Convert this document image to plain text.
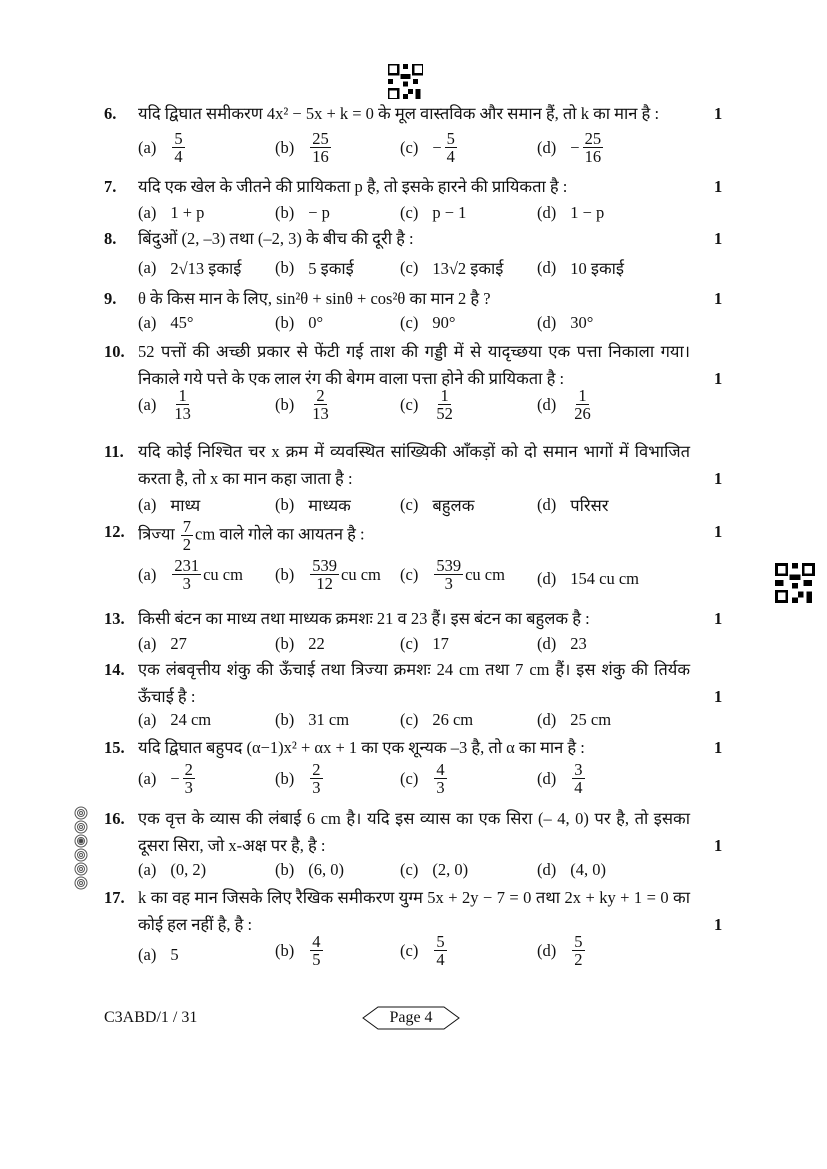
6. यदि द्विघात समीकरण 4x² − 5x + k = 0 के मूल वास्तविक और समान हैं, तो k का मान है :	1
$(a) \frac{5}{4}$	$(b) \frac{25}{16}$	$(c) - \frac{5}{4}$	$(d) - \frac{25}{16}$
7. यदि एक खेल के जीतने की प्रायिकता p है, तो इसके हारने की प्रायिकता है :	1
(a) 1 + p	(b) − p	(c) p − 1	(d) 1 − p
8. बिंदुओं (2, –3) तथा (–2, 3) के बीच की दूरी है :	1
(a) 2√13 इकाई (b) 5 इकाई	(c) 13√2 इकाई (d) 10 इकाई
9. θ के किस मान के लिए, sin²θ + sinθ + cos²θ का मान 2 है ?	1
(a) 45°	(b) 0°	(c) 90°	(d) 30°
10. 52 पत्तों की अच्छी प्रकार से फेंटी गई ताश की गड्डी में से यादृच्छया एक पत्ता निकाला गया। निकाले गये पत्ते के एक लाल रंग की बेगम वाला पत्ता होने की प्रायिकता है :	1
$(a) \frac{1}{13}$	$(b) \frac{2}{13}$	$(c) \frac{1}{52}$	$(d) \frac{1}{26}$
11. यदि कोई निश्चित चर x क्रम में व्यवस्थित सांख्यिकी आँकड़ों को दो समान भागों में विभाजित करता है, तो x का मान कहा जाता है :	1
(a) माध्य	(b) माध्यक	(c) बहुलक	(d) परिसर
12. त्रिज्या $\frac{7}{2}$ cm वाले गोले का आयतन है :	1
$(a) \frac{231}{3}$ cu cm $(b) \frac{539}{12}$ cu cm $(c) \frac{539}{3}$ cu cm (d) 154 cu cm
13. किसी बंटन का माध्य तथा माध्यक क्रमशः 21 व 23 हैं। इस बंटन का बहुलक है :	1
(a) 27	(b) 22	(c) 17	(d) 23
14. एक लंबवृत्तीय शंकु की ऊँचाई तथा त्रिज्या क्रमशः 24 cm तथा 7 cm हैं। इस शंकु की तिर्यक ऊँचाई है :	1
(a) 24 cm	(b) 31 cm	(c) 26 cm	(d) 25 cm
15. यदि द्विघात बहुपद (α−1)x² + αx + 1 का एक शून्यक –3 है, तो α का मान है :	1
$(a) - \frac{2}{3}$	$(b) \frac{2}{3}$	$(c) \frac{4}{3}$	$(d) \frac{3}{4}$
16. एक वृत्त के व्यास की लंबाई 6 cm है। यदि इस व्यास का एक सिरा (– 4, 0) पर है, तो इसका दूसरा सिरा, जो x-अक्ष पर है, है :	1
(a) (0, 2)	(b) (6, 0)	(c) (2, 0)	(d) (4, 0)
17. k का वह मान जिसके लिए रैखिक समीकरण युग्म 5x + 2y − 7 = 0 तथा 2x + ky + 1 = 0 का कोई हल नहीं है, है :	1
(a) 5	$(b) \frac{4}{5}$	$(c) \frac{5}{4}$	$(d) \frac{5}{2}$
C3ABD/1 / 31	Page 4
